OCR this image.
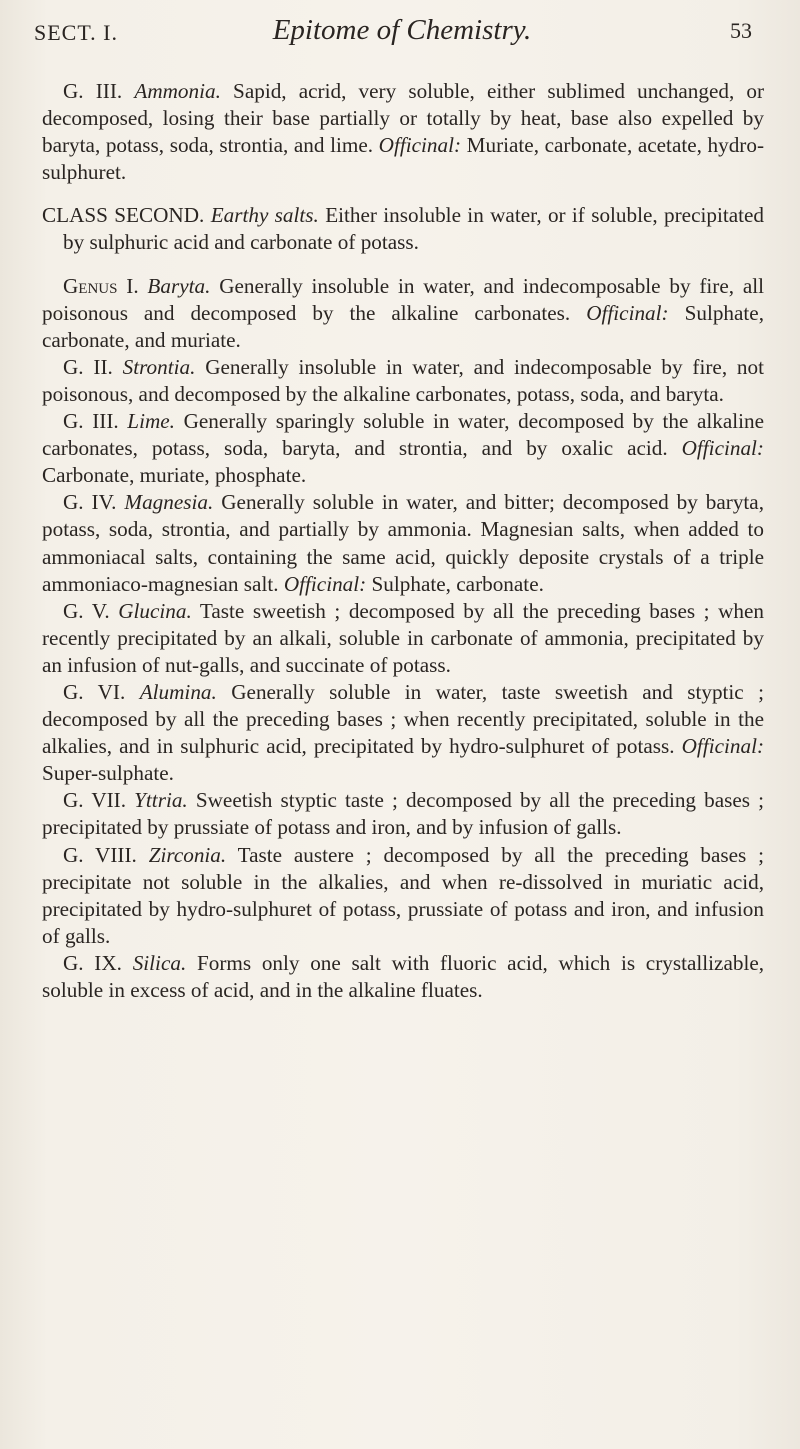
SECT. I.	Epitome of Chemistry.	53

G. III. Ammonia. Sapid, acrid, very soluble, either sublimed unchanged, or decomposed, losing their base partially or totally by heat, base also expelled by baryta, potass, soda, strontia, and lime. Officinal: Muriate, carbonate, acetate, hydro-sulphuret.

CLASS SECOND. Earthy salts. Either insoluble in water, or if soluble, precipitated by sulphuric acid and carbonate of potass.

Genus I. Baryta. Generally insoluble in water, and indecomposable by fire, all poisonous and decomposed by the alkaline carbonates. Officinal: Sulphate, carbonate, and muriate.

G. II. Strontia. Generally insoluble in water, and indecomposable by fire, not poisonous, and decomposed by the alkaline carbonates, potass, soda, and baryta.

G. III. Lime. Generally sparingly soluble in water, decomposed by the alkaline carbonates, potass, soda, baryta, and strontia, and by oxalic acid. Officinal: Carbonate, muriate, phosphate.

G. IV. Magnesia. Generally soluble in water, and bitter; decomposed by baryta, potass, soda, strontia, and partially by ammonia. Magnesian salts, when added to ammoniacal salts, containing the same acid, quickly deposite crystals of a triple ammoniaco-magnesian salt. Officinal: Sulphate, carbonate.

G. V. Glucina. Taste sweetish ; decomposed by all the preceding bases ; when recently precipitated by an alkali, soluble in carbonate of ammonia, precipitated by an infusion of nut-galls, and succinate of potass.

G. VI. Alumina. Generally soluble in water, taste sweetish and styptic ; decomposed by all the preceding bases ; when recently precipitated, soluble in the alkalies, and in sulphuric acid, precipitated by hydro-sulphuret of potass. Officinal: Super-sulphate.

G. VII. Yttria. Sweetish styptic taste ; decomposed by all the preceding bases ; precipitated by prussiate of potass and iron, and by infusion of galls.

G. VIII. Zirconia. Taste austere ; decomposed by all the preceding bases ; precipitate not soluble in the alkalies, and when re-dissolved in muriatic acid, precipitated by hydro-sulphuret of potass, prussiate of potass and iron, and infusion of galls.

G. IX. Silica. Forms only one salt with fluoric acid, which is crystallizable, soluble in excess of acid, and in the alkaline fluates.
